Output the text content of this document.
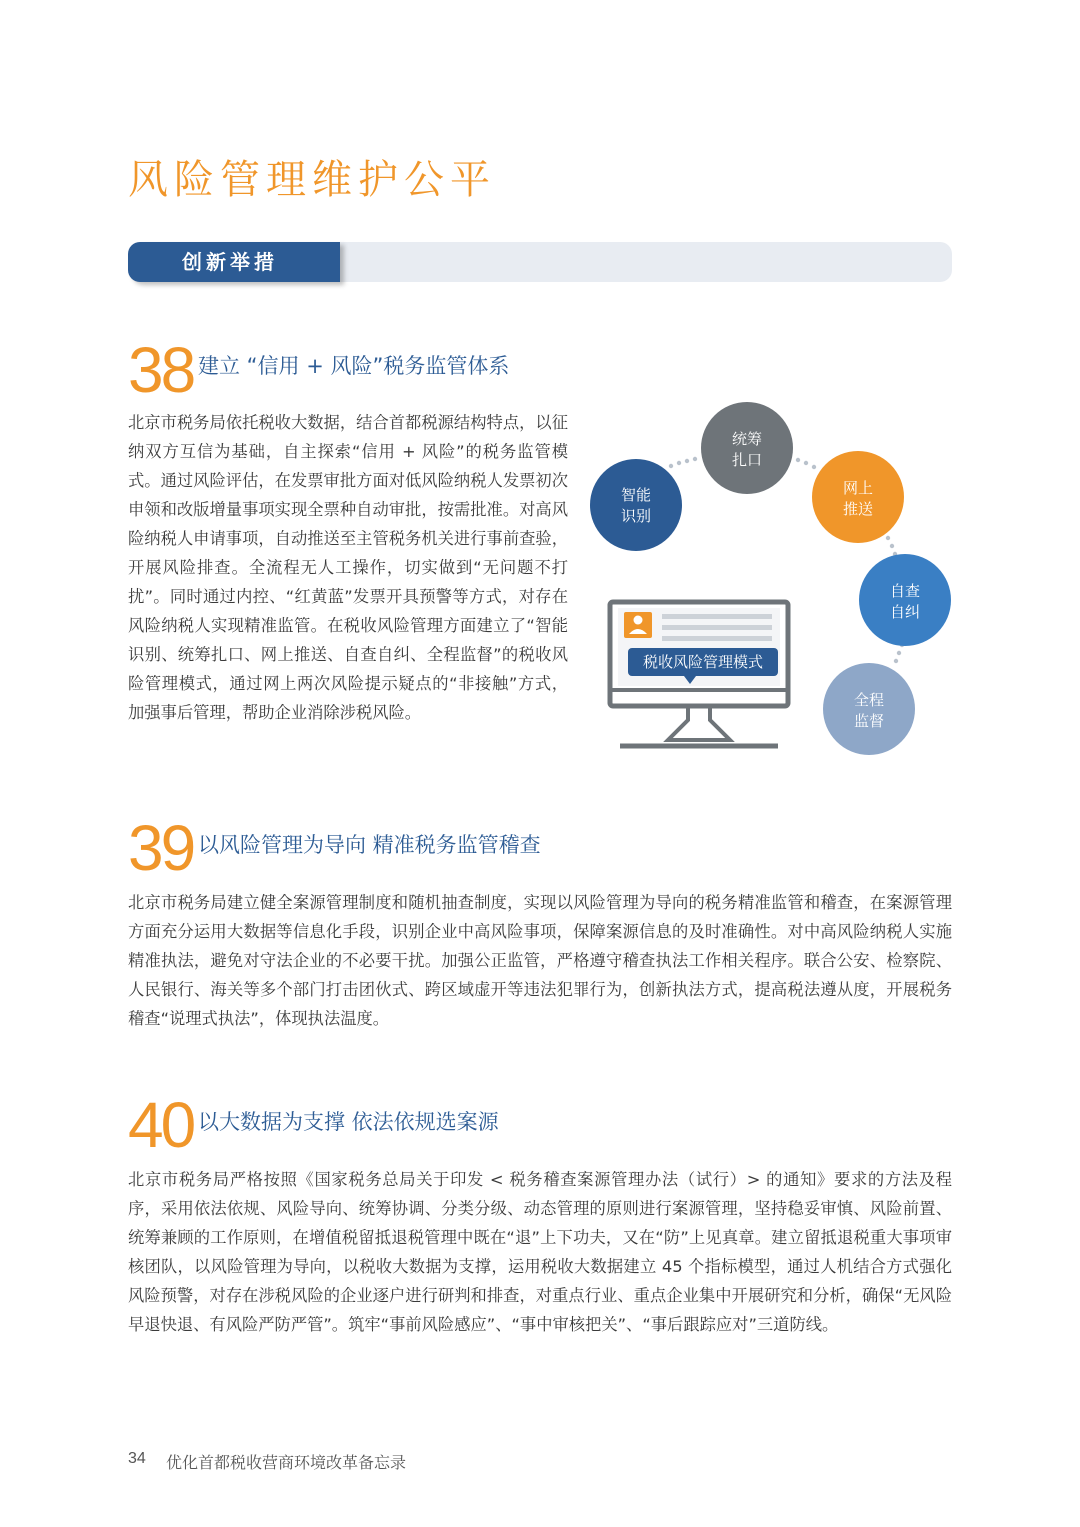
风险管理维护公平
创新举措
38 建立 “信用 + 风险”税务监管体系

北京市税务局依托税收大数据，结合首都税源结构特点，以征纳双方互信为基础，自主探索“信用 + 风险”的税务监管模式。通过风险评估，在发票审批方面对低风险纳税人发票初次申领和改版增量事项实现全票种自动审批，按需批准。对高风险纳税人申请事项，自动推送至主管税务机关进行事前查验，开展风险排查。全流程无人工操作，切实做到“无问题不打扰”。同时通过内控、“红黄蓝”发票开具预警等方式，对存在风险纳税人实现精准监管。在税收风险管理方面建立了“智能识别、统筹扎口、网上推送、自查自纠、全程监督”的税收风险管理模式，通过网上两次风险提示疑点的“非接触”方式，加强事后管理，帮助企业消除涉税风险。

税收风险管理模式
智能
识别
统筹
扎口
网上
推送
自查
自纠
全程
监督
39 以风险管理为导向 精准税务监管稽查

北京市税务局建立健全案源管理制度和随机抽查制度，实现以风险管理为导向的税务精准监管和稽查，在案源管理方面充分运用大数据等信息化手段，识别企业中高风险事项，保障案源信息的及时准确性。对中高风险纳税人实施精准执法，避免对守法企业的不必要干扰。加强公正监管，严格遵守稽查执法工作相关程序。联合公安、检察院、人民银行、海关等多个部门打击团伙式、跨区域虚开等违法犯罪行为，创新执法方式，提高税法遵从度，开展税务稽查“说理式执法”，体现执法温度。

40 以大数据为支撑 依法依规选案源

北京市税务局严格按照《国家税务总局关于印发 < 税务稽查案源管理办法（试行）> 的通知》要求的方法及程序，采用依法依规、风险导向、统筹协调、分类分级、动态管理的原则进行案源管理，坚持稳妥审慎、风险前置、统筹兼顾的工作原则，在增值税留抵退税管理中既在“退”上下功夫，又在“防”上见真章。建立留抵退税重大事项审核团队，以风险管理为导向，以税收大数据为支撑，运用税收大数据建立 45 个指标模型，通过人机结合方式强化风险预警，对存在涉税风险的企业逐户进行研判和排查，对重点行业、重点企业集中开展研究和分析，确保“无风险早退快退、有风险严防严管”。筑牢“事前风险感应”、“事中审核把关”、“事后跟踪应对”三道防线。

34 优化首都税收营商环境改革备忘录
